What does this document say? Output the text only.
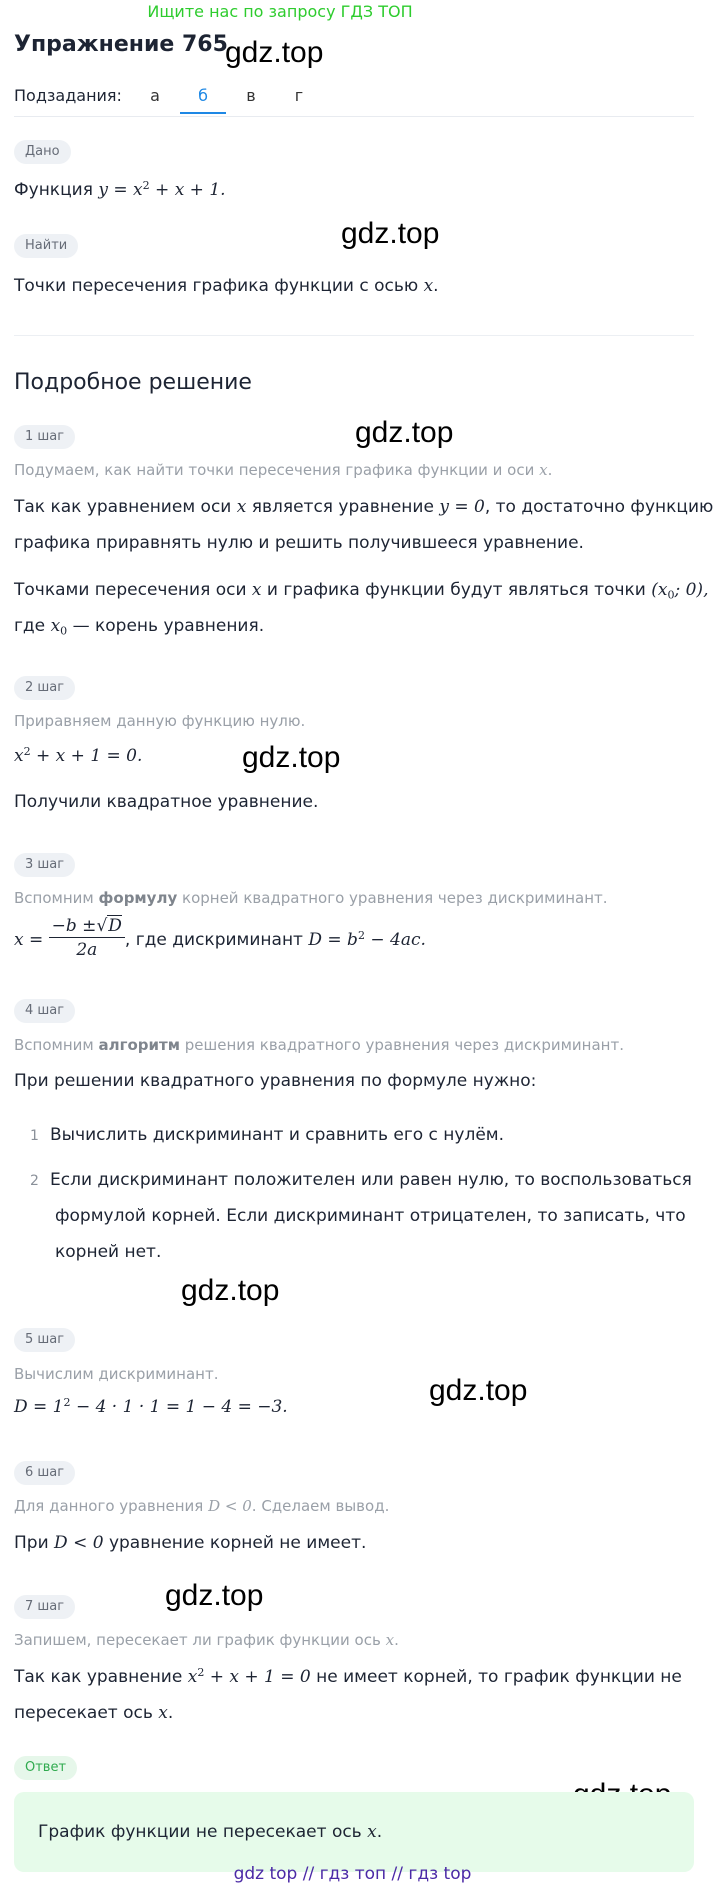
Ищите нас по запросу ГДЗ ТОП
Упражнение 765
gdz.top
gdz.top
gdz.top
gdz.top
gdz.top
gdz.top
gdz.top
Подзадания:	а	б	в	г
Дано
Функция $y = x^2 + x + 1$.
Найти
Точки пересечения графика функции с осью x.
Подробное решение
1 шаг
Подумаем, как найти точки пересечения графика функции и оси x.
Так как уравнением оси x является уравнение y = 0, то достаточно функцию
графика приравнять нулю и решить получившееся уравнение.
Точками пересечения оси x и графика функции будут являться точки ($x_0$; 0),
где $x_0$ — корень уравнения.
2 шаг
Приравняем данную функцию нулю.
$x^2 + x + 1 = 0$.
Получили квадратное уравнение.
3 шаг
Вспомним формулу корней квадратного уравнения через дискриминант.
$x = \frac{-b \pm√D}{2a}$ , где дискриминант $D = b^2 - 4ac$.
4 шаг
Вспомним алгоритм решения квадратного уравнения через дискриминант.
При решении квадратного уравнения по формуле нужно:
1 Вычислить дискриминант и сравнить его с нулём.
2 Если дискриминант положителен или равен нулю, то воспользоваться
формулой корней. Если дискриминант отрицателен, то записать, что
корней нет.
5 шаг
Вычислим дискриминант.
$D = 1^2 - 4 \cdot 1 \cdot 1 = 1 - 4 = -3$.
6 шаг
Для данного уравнения D < 0. Сделаем вывод.
При D < 0 уравнение корней не имеет.
7 шаг
Запишем, пересекает ли график функции ось x.
Так как уравнение $x^2 + x + 1 = 0$ не имеет корней, то график функции не
пересекает ось x.
Ответ
График функции не пересекает ось x.
gdz top // гдз топ // гдз top
